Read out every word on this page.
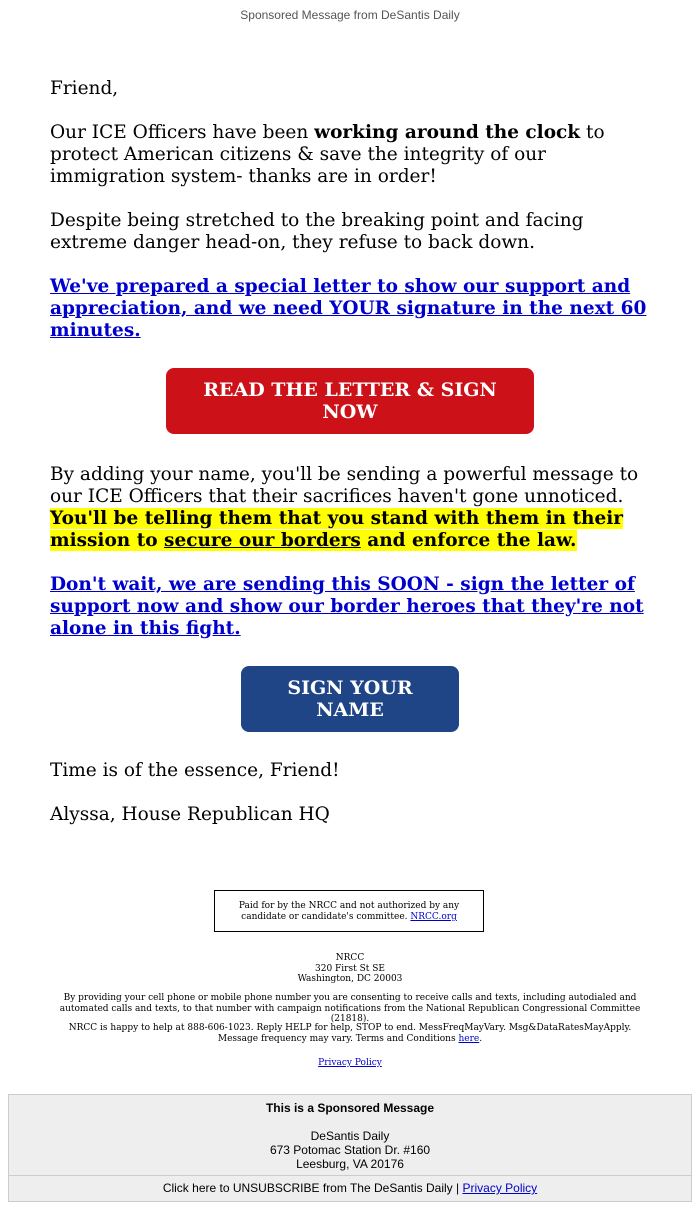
Sponsored Message from DeSantis Daily

Friend,

Our ICE Officers have been working around the clock to protect American citizens & save the integrity of our immigration system- thanks are in order!

Despite being stretched to the breaking point and facing extreme danger head-on, they refuse to back down.

We've prepared a special letter to show our support and appreciation, and we need YOUR signature in the next 60 minutes.

READ THE LETTER & SIGN NOW

By adding your name, you'll be sending a powerful message to our ICE Officers that their sacrifices haven't gone unnoticed. You'll be telling them that you stand with them in their mission to secure our borders and enforce the law.

Don't wait, we are sending this SOON - sign the letter of support now and show our border heroes that they're not alone in this fight.

SIGN YOUR NAME

Time is of the essence, Friend!

Alyssa, House Republican HQ

Paid for by the NRCC and not authorized by any candidate or candidate's committee. NRCC.org
NRCC
320 First St SE
Washington, DC 20003
By providing your cell phone or mobile phone number you are consenting to receive calls and texts, including autodialed and automated calls and texts, to that number with campaign notifications from the National Republican Congressional Committee (21818).
NRCC is happy to help at 888-606-1023. Reply HELP for help, STOP to end. MessFreqMayVary. Msg&DataRatesMayApply. Message frequency may vary. Terms and Conditions here.
Privacy Policy
This is a Sponsored Message
DeSantis Daily
673 Potomac Station Dr. #160
Leesburg, VA 20176
Click here to UNSUBSCRIBE from The DeSantis Daily | Privacy Policy
